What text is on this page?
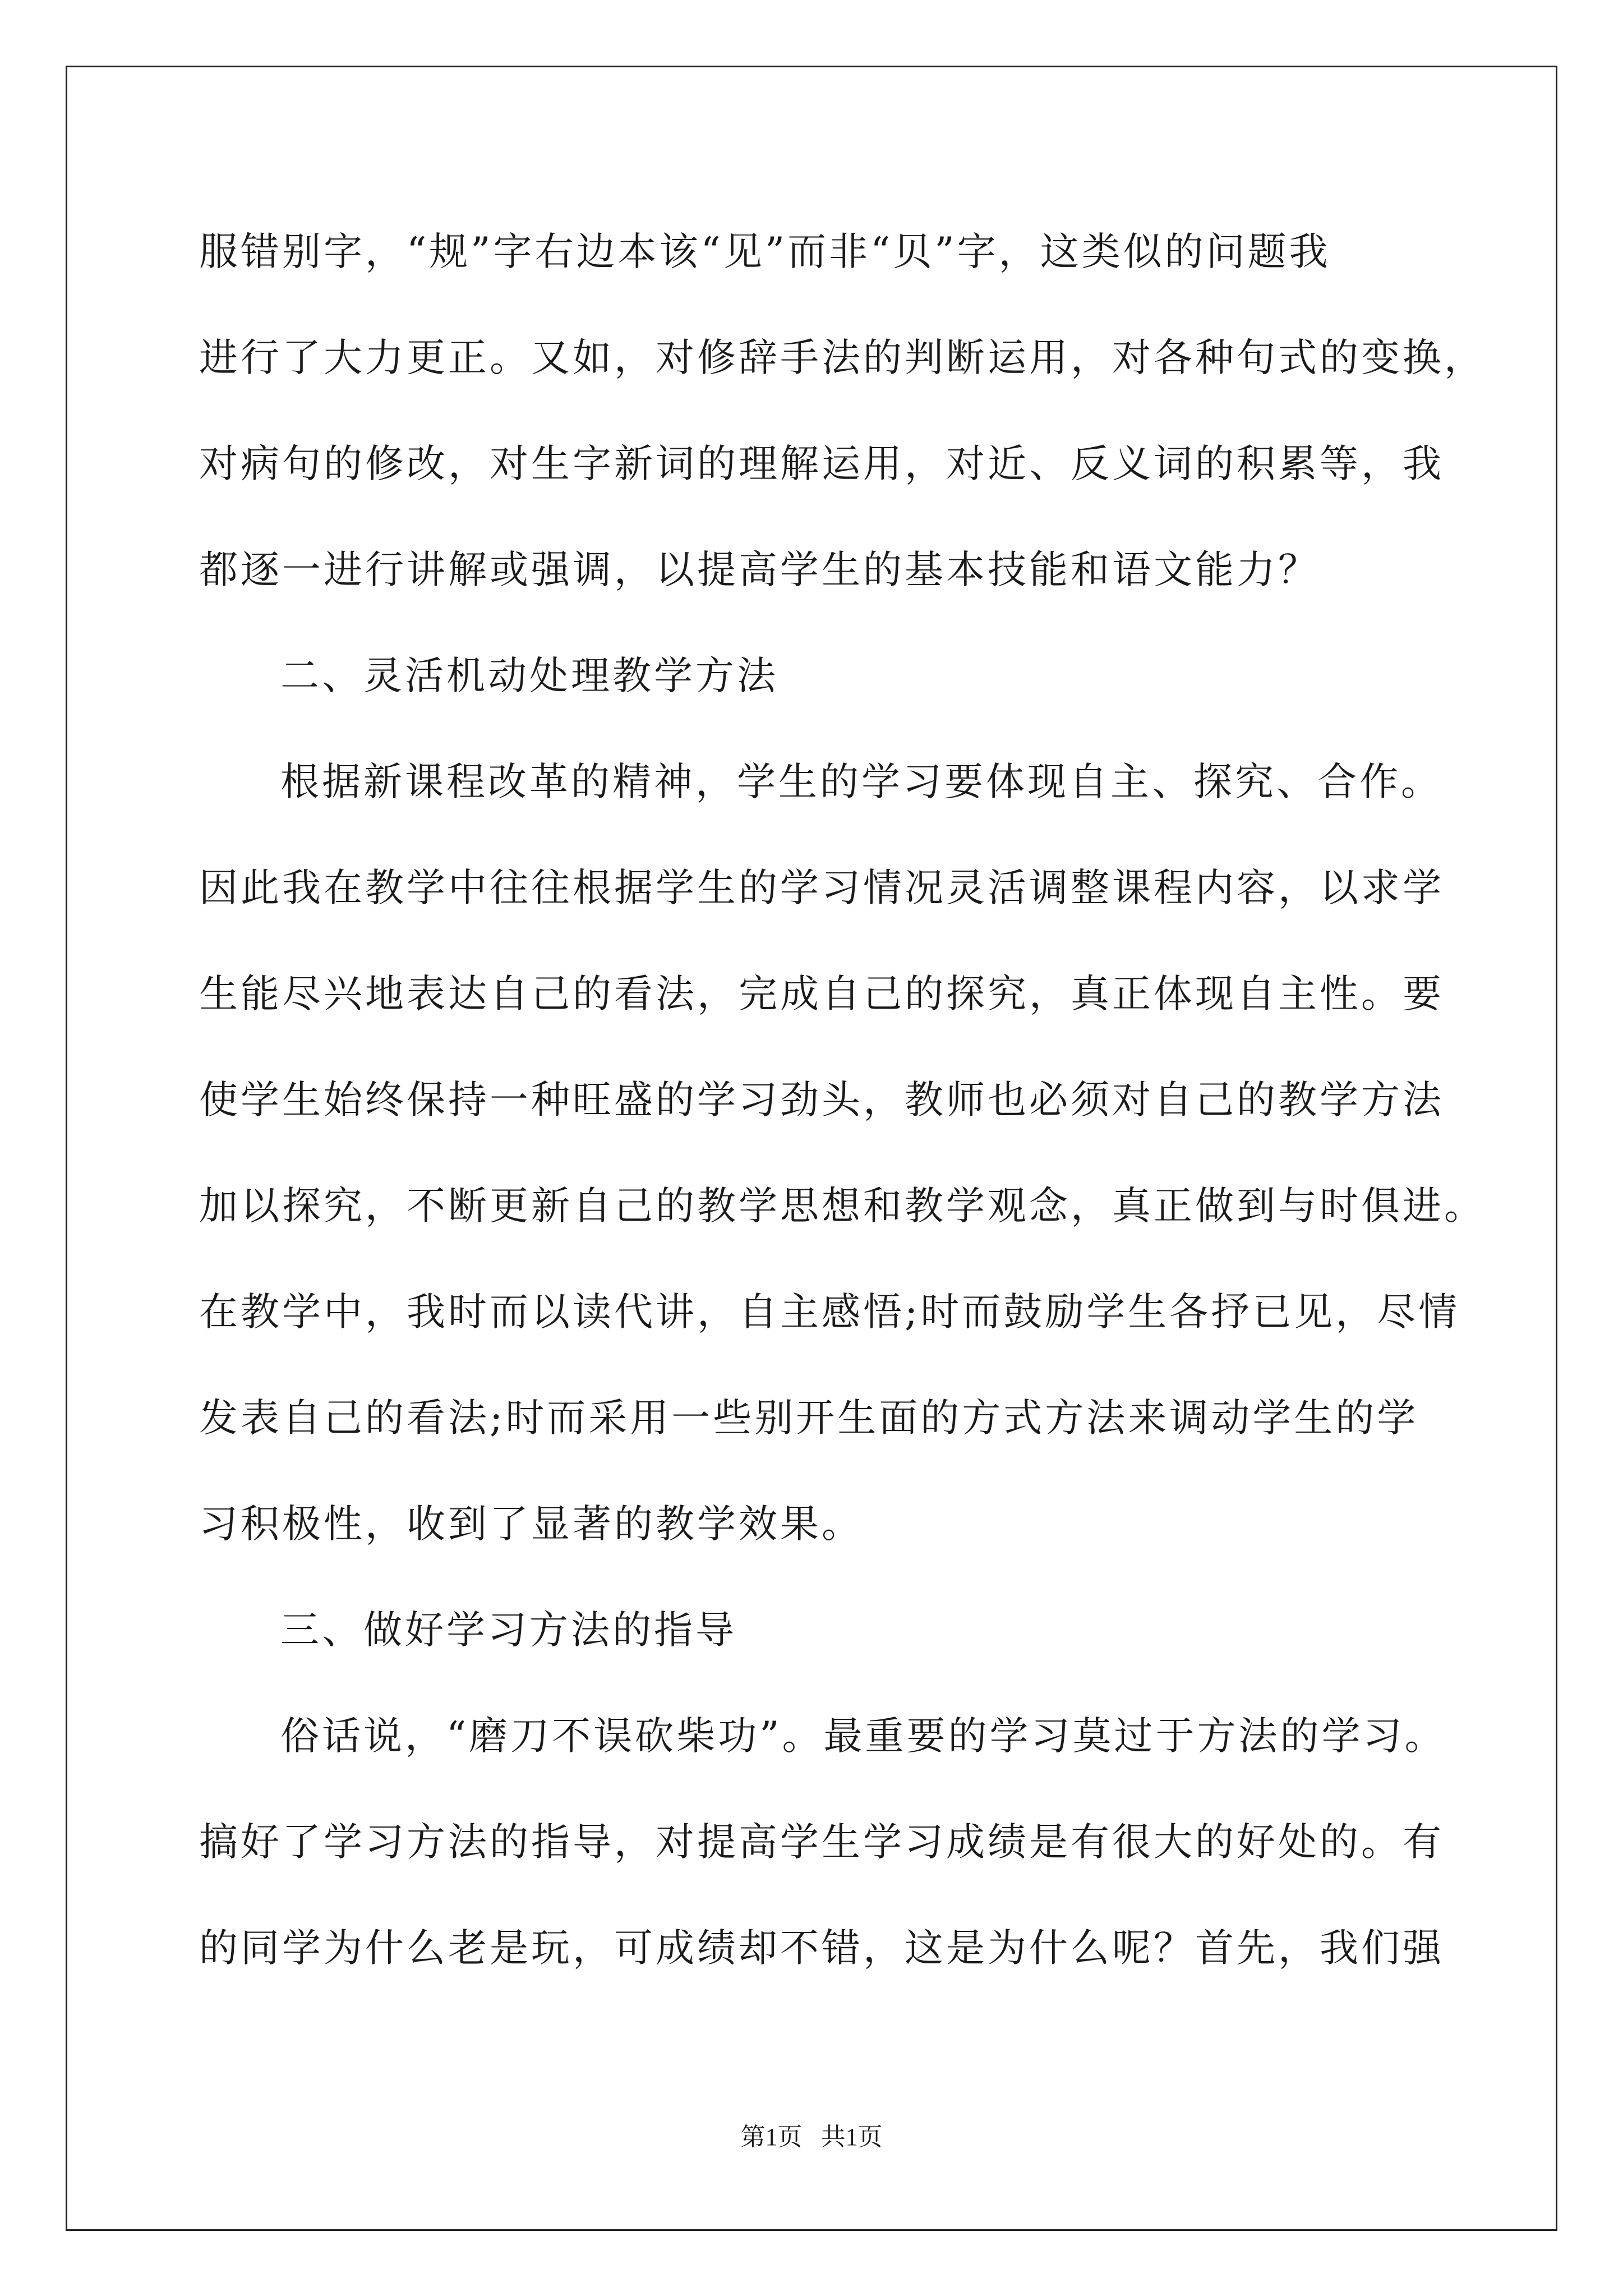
服错别字，“规”字右边本该“见”而非“贝”字，这类似的问题我
进行了大力更正。又如，对修辞手法的判断运用，对各种句式的变换，
对病句的修改，对生字新词的理解运用，对近、反义词的积累等，我
都逐一进行讲解或强调，以提高学生的基本技能和语文能力？
二、灵活机动处理教学方法
根据新课程改革的精神，学生的学习要体现自主、探究、合作。
因此我在教学中往往根据学生的学习情况灵活调整课程内容，以求学
生能尽兴地表达自己的看法，完成自己的探究，真正体现自主性。要
使学生始终保持一种旺盛的学习劲头，教师也必须对自己的教学方法
加以探究，不断更新自己的教学思想和教学观念，真正做到与时俱进。
在教学中，我时而以读代讲，自主感悟;时而鼓励学生各抒已见，尽情
发表自己的看法;时而采用一些别开生面的方式方法来调动学生的学
习积极性，收到了显著的教学效果。
三、做好学习方法的指导
俗话说，“磨刀不误砍柴功”。最重要的学习莫过于方法的学习。
搞好了学习方法的指导，对提高学生学习成绩是有很大的好处的。有
的同学为什么老是玩，可成绩却不错，这是为什么呢？首先，我们强
第1页 共1页
